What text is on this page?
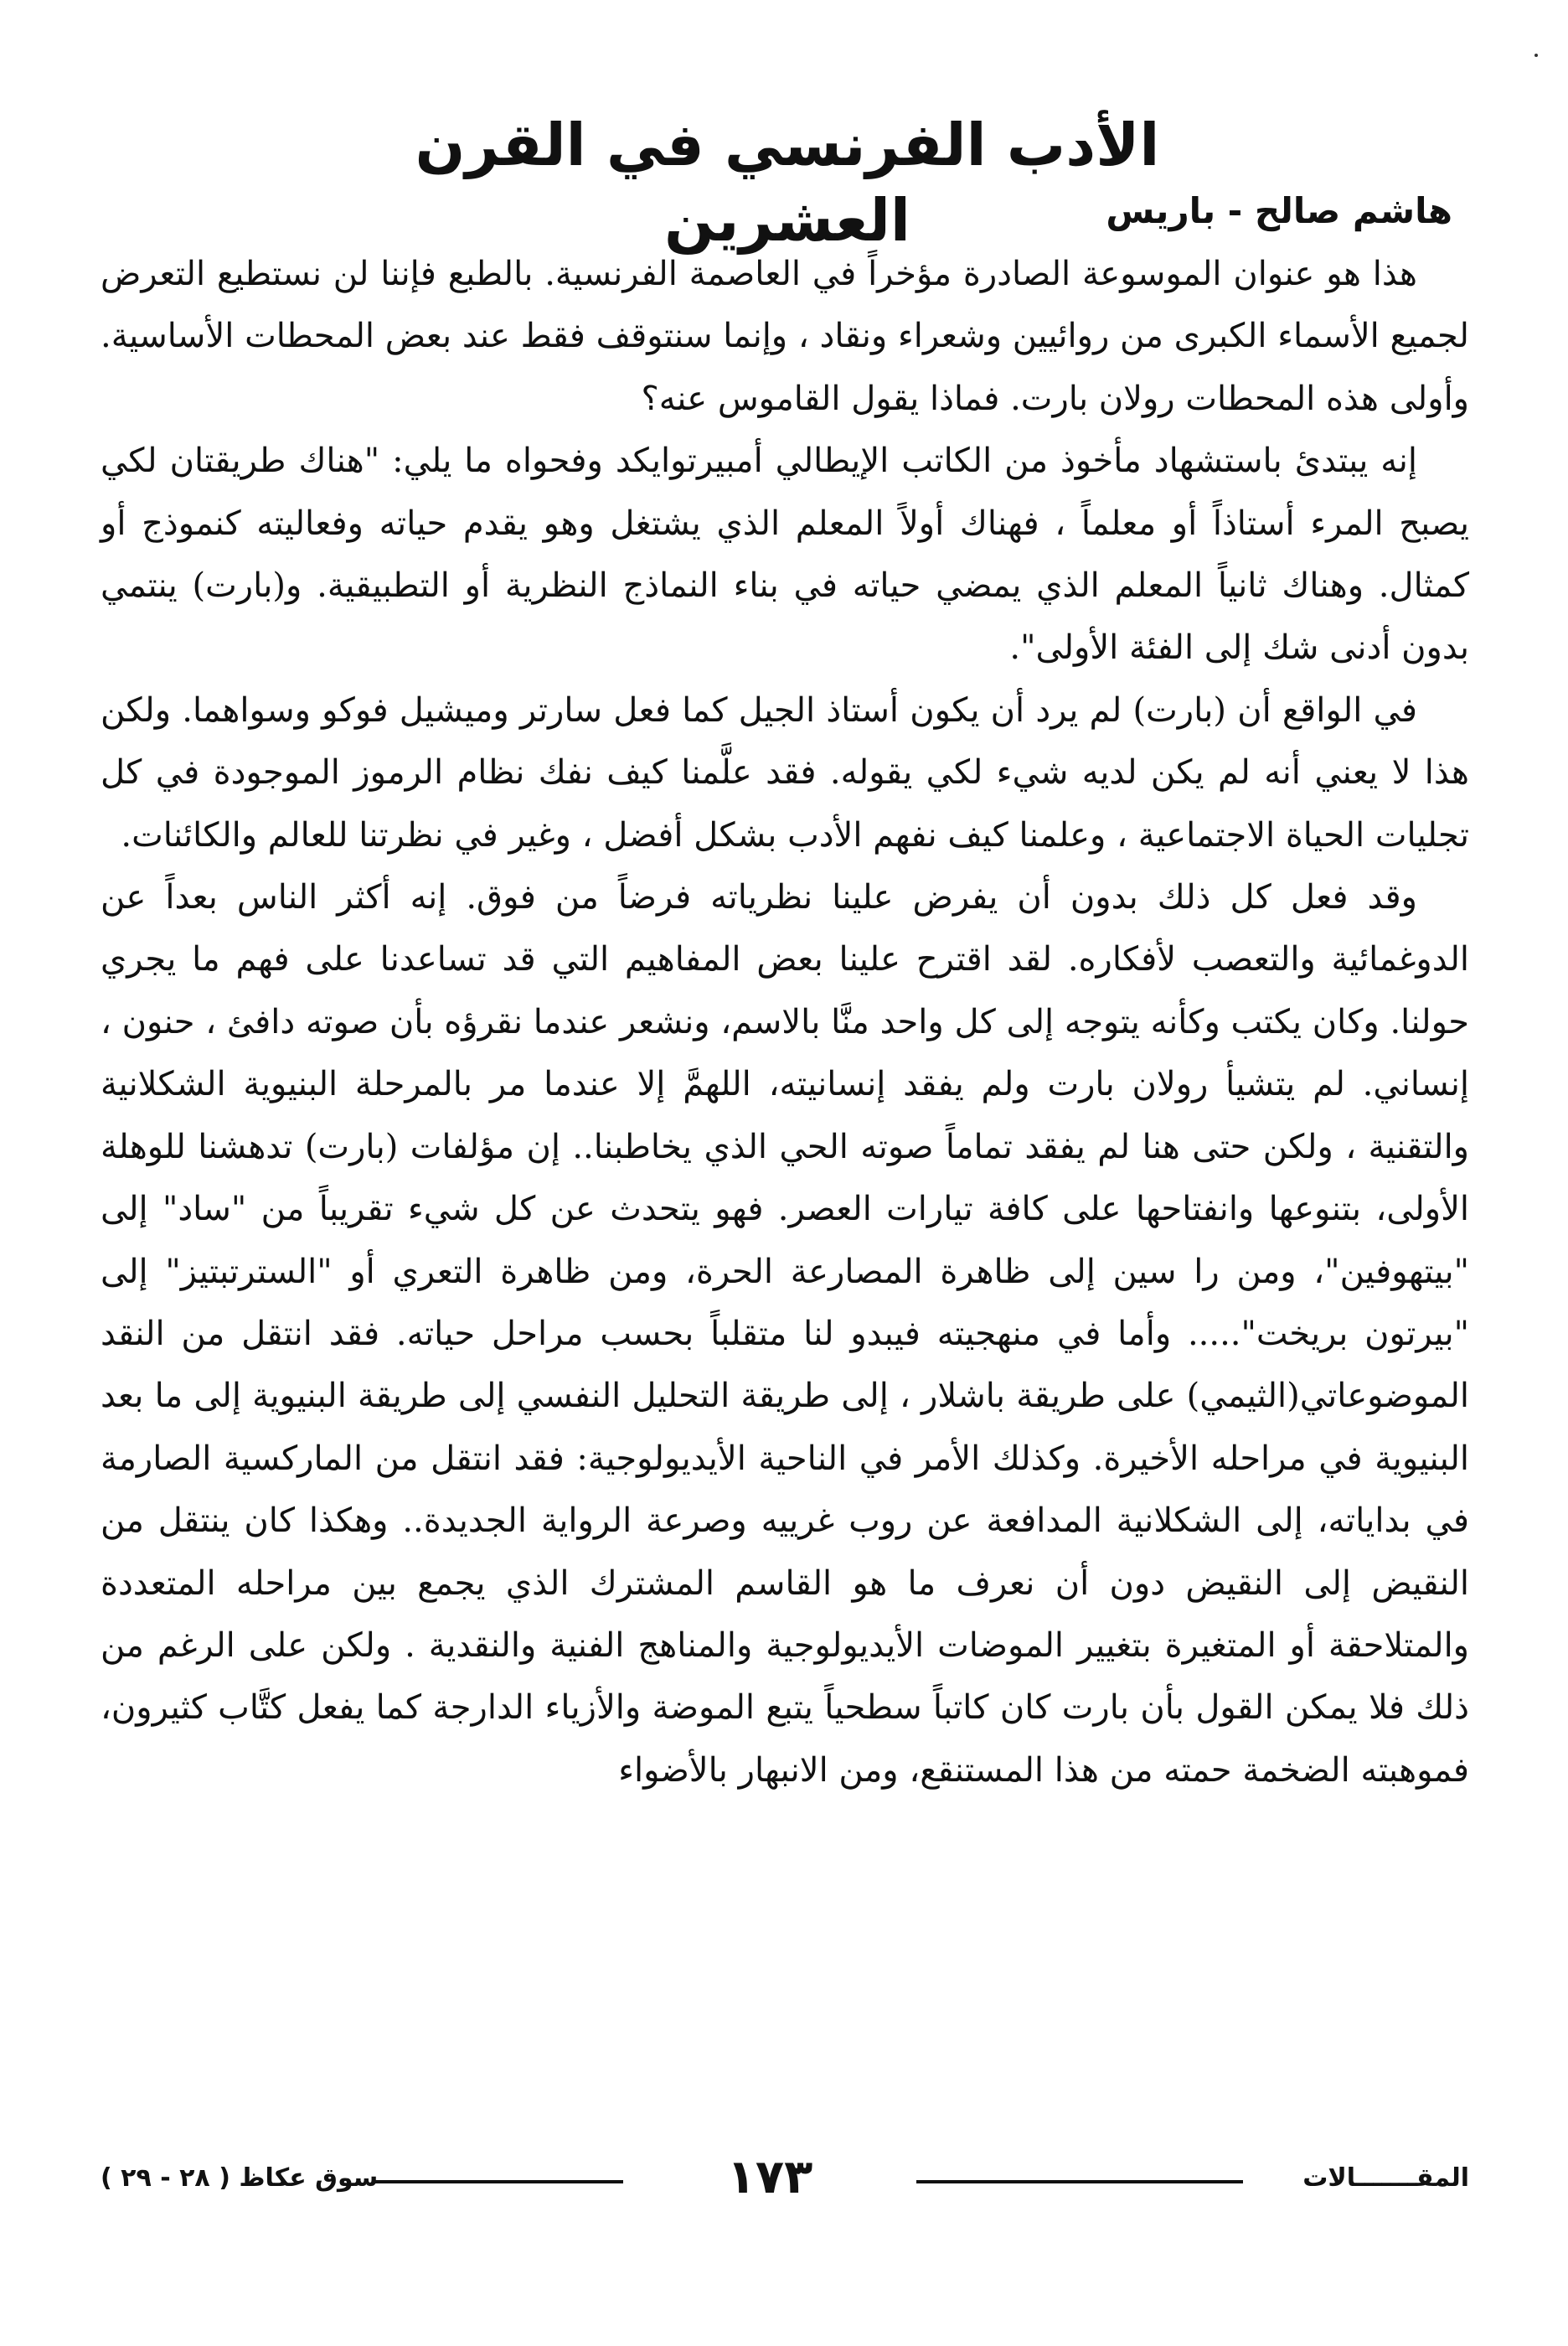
الأدب الفرنسي في القرن العشرين	هاشم صالح - باريس

هذا هو عنوان الموسوعة الصادرة مؤخراً في العاصمة الفرنسية. بالطبع فإننا لن نستطيع التعرض لجميع الأسماء الكبرى من روائيين وشعراء ونقاد ، وإنما سنتوقف فقط عند بعض المحطات الأساسية. وأولى هذه المحطات رولان بارت. فماذا يقول القاموس عنه؟

إنه يبتدئ باستشهاد مأخوذ من الكاتب الإيطالي أمبيرتوايكد وفحواه ما يلي: "هناك طريقتان لكي يصبح المرء أستاذاً أو معلماً ، فهناك أولاً المعلم الذي يشتغل وهو يقدم حياته وفعاليته كنموذج أو كمثال. وهناك ثانياً المعلم الذي يمضي حياته في بناء النماذج النظرية أو التطبيقية. و(بارت) ينتمي بدون أدنى شك إلى الفئة الأولى".

في الواقع أن (بارت) لم يرد أن يكون أستاذ الجيل كما فعل سارتر وميشيل فوكو وسواهما. ولكن هذا لا يعني أنه لم يكن لديه شيء لكي يقوله. فقد علَّمنا كيف نفك نظام الرموز الموجودة في كل تجليات الحياة الاجتماعية ، وعلمنا كيف نفهم الأدب بشكل أفضل ، وغير في نظرتنا للعالم والكائنات.

وقد فعل كل ذلك بدون أن يفرض علينا نظرياته فرضاً من فوق. إنه أكثر الناس بعداً عن الدوغمائية والتعصب لأفكاره. لقد اقترح علينا بعض المفاهيم التي قد تساعدنا على فهم ما يجري حولنا. وكان يكتب وكأنه يتوجه إلى كل واحد منَّا بالاسم، ونشعر عندما نقرؤه بأن صوته دافئ ، حنون ، إنساني. لم يتشيأ رولان بارت ولم يفقد إنسانيته، اللهمَّ إلا عندما مر بالمرحلة البنيوية الشكلانية والتقنية ، ولكن حتى هنا لم يفقد تماماً صوته الحي الذي يخاطبنا.. إن مؤلفات (بارت) تدهشنا للوهلة الأولى، بتنوعها وانفتاحها على كافة تيارات العصر. فهو يتحدث عن كل شيء تقريباً من "ساد" إلى "بيتهوفين"، ومن را سين إلى ظاهرة المصارعة الحرة، ومن ظاهرة التعري أو "السترتبتيز" إلى "بيرتون بريخت"..... وأما في منهجيته فيبدو لنا متقلباً بحسب مراحل حياته. فقد انتقل من النقد الموضوعاتي(الثيمي) على طريقة باشلار ، إلى طريقة التحليل النفسي إلى طريقة البنيوية إلى ما بعد البنيوية في مراحله الأخيرة. وكذلك الأمر في الناحية الأيديولوجية: فقد انتقل من الماركسية الصارمة في بداياته، إلى الشكلانية المدافعة عن روب غرييه وصرعة الرواية الجديدة.. وهكذا كان ينتقل من النقيض إلى النقيض دون أن نعرف ما هو القاسم المشترك الذي يجمع بين مراحله المتعددة والمتلاحقة أو المتغيرة بتغيير الموضات الأيديولوجية والمناهج الفنية والنقدية . ولكن على الرغم من ذلك فلا يمكن القول بأن بارت كان كاتباً سطحياً يتبع الموضة والأزياء الدارجة كما يفعل كتَّاب كثيرون، فموهبته الضخمة حمته من هذا المستنقع، ومن الانبهار بالأضواء

المقـــــــالات
١٧٣
سوق عكاظ ( ٢٨ - ٢٩ )
